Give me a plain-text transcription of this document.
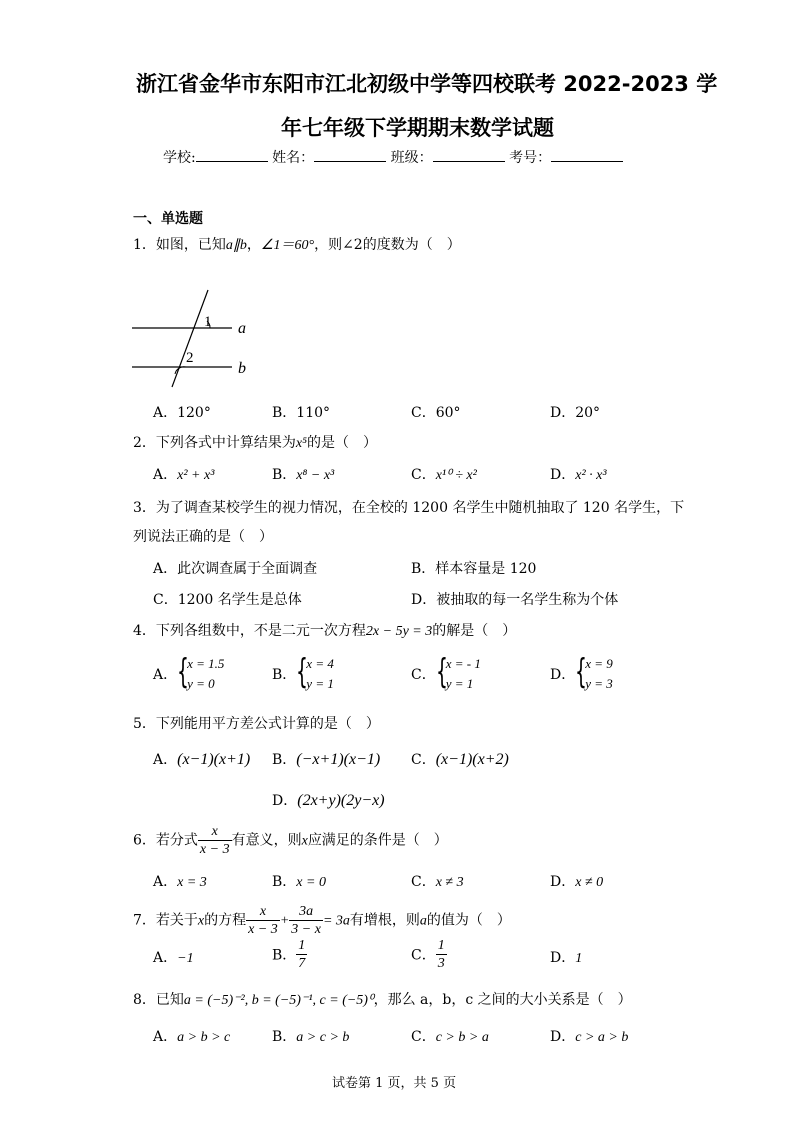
浙江省金华市东阳市江北初级中学等四校联考 2022-2023 学
年七年级下学期期末数学试题
学校:	姓名：	班级：	考号：
一、单选题
1．如图，已知a∥b，∠1＝60°，则∠2的度数为（　）
1
2
a
b
A．120°	B．110°	C．60°	D．20°
2．下列各式中计算结果为x⁵的是（　）
A．x² + x³	B．x⁸ − x³	C．x¹⁰ ÷ x²	D．x² · x³
3．为了调查某校学生的视力情况，在全校的 1200 名学生中随机抽取了 120 名学生，下
列说法正确的是（　）
A．此次调查属于全面调查	B．样本容量是 120
C．1200 名学生是总体	D．被抽取的每一名学生称为个体
4．下列各组数中，不是二元一次方程2x − 5y = 3的解是（　）
A． {
x = 1.5
y = 0
B． {
x = 4
y = 1
C． {
x = - 1
y = 1
D． {
x = 9
y = 3
5．下列能用平方差公式计算的是（　）
A．(x−1)(x+1) B．(−x+1)(x−1) C．(x−1)(x+2)
D．(2x+y)(2y−x)
6．若分式 $\frac{x}{x - 3}$ 有意义，则x应满足的条件是（　）
A．x = 3	B．x = 0	C．x ≠ 3	D．x ≠ 0
7．若关于x的方程 $\frac{x}{x - 3} + \frac{3a}{3 - x} = 3a$有增根，则a的值为（　）
A．−1	B． $\frac{1}{7}$	C． $\frac{1}{3}$	D．1
8．已知a = (−5)⁻², b = (−5)⁻¹, c = (−5)⁰，那么 a，b，c 之间的大小关系是（　）
A．a > b > c	B．a > c > b	C．c > b > a	D．c > a > b
试卷第 1 页，共 5 页
